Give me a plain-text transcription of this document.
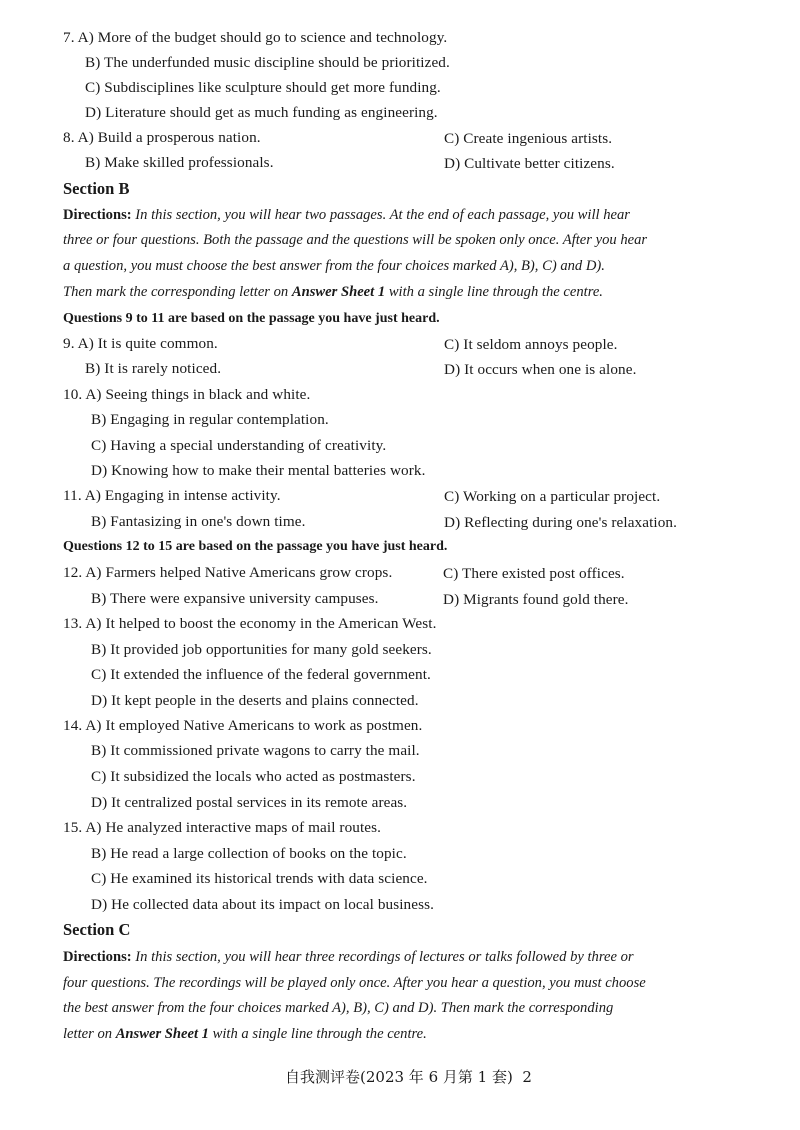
7. A) More of the budget should go to science and technology.
B) The underfunded music discipline should be prioritized.
C) Subdisciplines like sculpture should get more funding.
D) Literature should get as much funding as engineering.
8. A) Build a prosperous nation.	C) Create ingenious artists.
B) Make skilled professionals.	D) Cultivate better citizens.
Section B
Directions: In this section, you will hear two passages. At the end of each passage, you will hear
three or four questions. Both the passage and the questions will be spoken only once. After you hear
a question, you must choose the best answer from the four choices marked A), B), C) and D).
Then mark the corresponding letter on Answer Sheet 1 with a single line through the centre.
Questions 9 to 11 are based on the passage you have just heard.
9. A) It is quite common.	C) It seldom annoys people.
B) It is rarely noticed.	D) It occurs when one is alone.
10. A) Seeing things in black and white.
B) Engaging in regular contemplation.
C) Having a special understanding of creativity.
D) Knowing how to make their mental batteries work.
11. A) Engaging in intense activity.	C) Working on a particular project.
B) Fantasizing in one's down time.	D) Reflecting during one's relaxation.
Questions 12 to 15 are based on the passage you have just heard.
12. A) Farmers helped Native Americans grow crops.	C) There existed post offices.
B) There were expansive university campuses.	D) Migrants found gold there.
13. A) It helped to boost the economy in the American West.
B) It provided job opportunities for many gold seekers.
C) It extended the influence of the federal government.
D) It kept people in the deserts and plains connected.
14. A) It employed Native Americans to work as postmen.
B) It commissioned private wagons to carry the mail.
C) It subsidized the locals who acted as postmasters.
D) It centralized postal services in its remote areas.
15. A) He analyzed interactive maps of mail routes.
B) He read a large collection of books on the topic.
C) He examined its historical trends with data science.
D) He collected data about its impact on local business.
Section C
Directions: In this section, you will hear three recordings of lectures or talks followed by three or
four questions. The recordings will be played only once. After you hear a question, you must choose
the best answer from the four choices marked A), B), C) and D). Then mark the corresponding
letter on Answer Sheet 1 with a single line through the centre.
自我测评卷(2023 年 6 月第 1 套) 2
